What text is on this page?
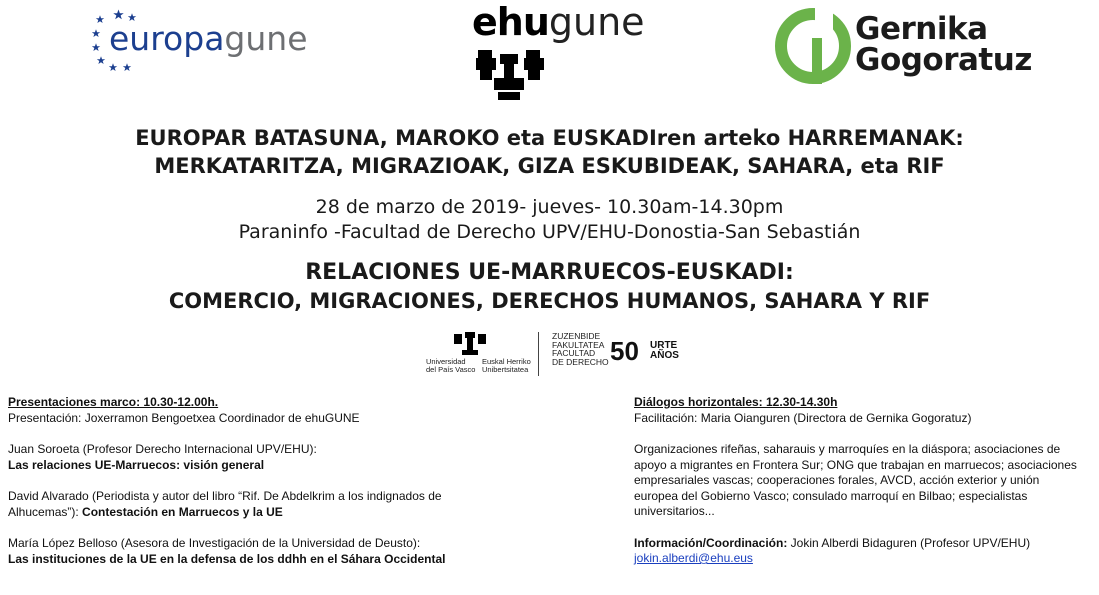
europagune	ehugune	Gernika
Gogoratuz
EUROPAR BATASUNA, MAROKO eta EUSKADIren arteko HARREMANAK:
MERKATARITZA, MIGRAZIOAK, GIZA ESKUBIDEAK, SAHARA, eta RIF
28 de marzo de 2019- jueves- 10.30am-14.30pm
Paraninfo -Facultad de Derecho UPV/EHU-Donostia-San Sebastián
RELACIONES UE-MARRUECOS-EUSKADI:
COMERCIO, MIGRACIONES, DERECHOS HUMANOS, SAHARA Y RIF
Universidad
del País Vasco
Euskal Herriko
Unibertsitatea
ZUZENBIDE
FAKULTATEA
FACULTAD
DE DERECHO 50 URTE
AÑOS

Presentaciones marco: 10.30-12.00h.

Presentación: Joxerramon Bengoetxea Coordinador de ehuGUNE

Juan Soroeta (Profesor Derecho Internacional UPV/EHU):

Las relaciones UE-Marruecos: visión general

David Alvarado (Periodista y autor del libro “Rif. De Abdelkrim a los indignados de

Alhucemas”): Contestación en Marruecos y la UE

María López Belloso (Asesora de Investigación de la Universidad de Deusto):

Las instituciones de la UE en la defensa de los ddhh en el Sáhara Occidental

Diálogos horizontales: 12.30-14.30h

Facilitación: Maria Oianguren (Directora de Gernika Gogoratuz)

Organizaciones rifeñas, saharauis y marroquíes en la diáspora; asociaciones de

apoyo a migrantes en Frontera Sur; ONG que trabajan en marruecos; asociaciones

empresariales vascas; cooperaciones forales, AVCD, acción exterior y unión

europea del Gobierno Vasco; consulado marroquí en Bilbao; especialistas

universitarios...

Información/Coordinación: Jokin Alberdi Bidaguren (Profesor UPV/EHU)

jokin.alberdi@ehu.eus
